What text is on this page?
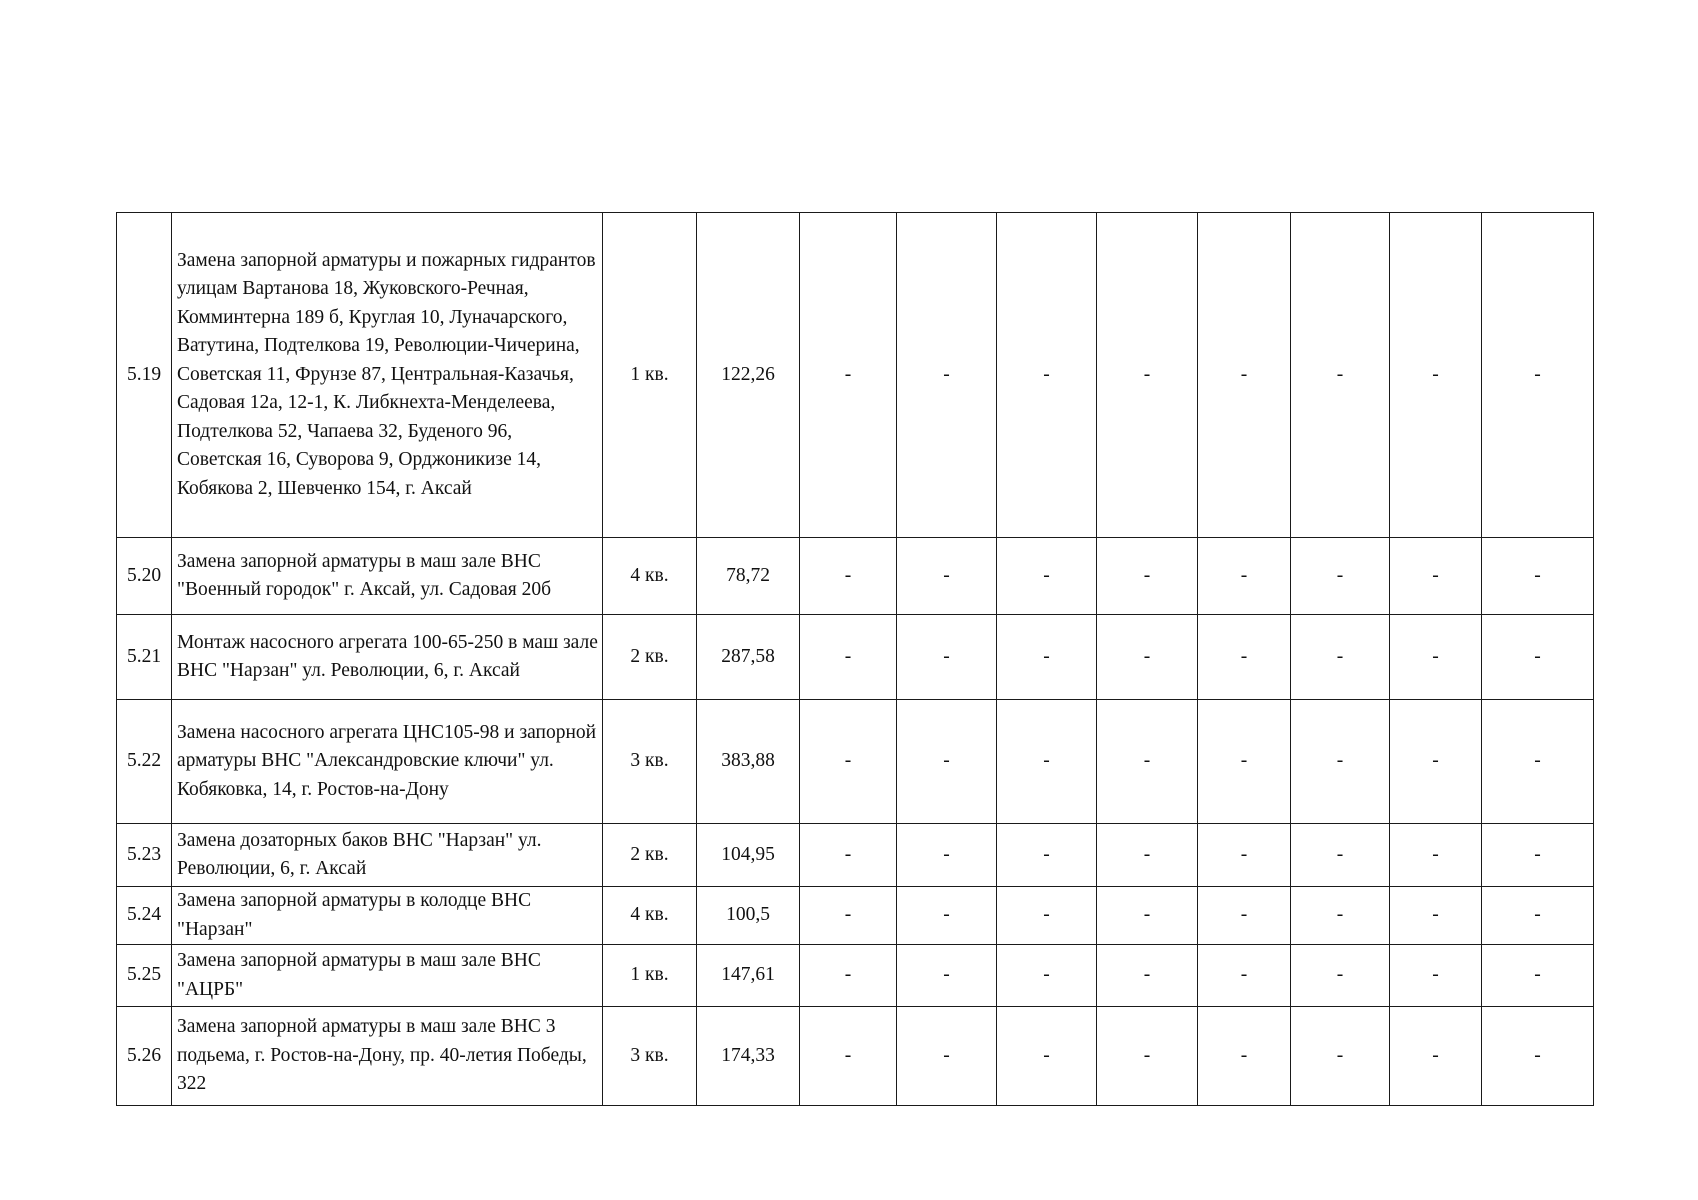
5.19	Замена запорной арматуры и пожарных гидрантов улицам Вартанова 18, Жуковского-Речная, Комминтерна 189 б, Круглая 10, Луначарского, Ватутина, Подтелкова 19, Революции-Чичерина, Советская 11, Фрунзе 87, Центральная-Казачья, Садовая 12а, 12-1, К. Либкнехта-Менделеева, Подтелкова 52, Чапаева 32, Буденого 96, Советская 16, Суворова 9, Орджоникизе 14, Кобякова 2, Шевченко 154, г. Аксай	1 кв.	122,26	-	-	-	-	-	-	-	-
5.20	Замена запорной арматуры в маш зале ВНС "Военный городок" г. Аксай, ул. Садовая 20б	4 кв.	78,72	-	-	-	-	-	-	-	-
5.21	Монтаж насосного агрегата 100-65-250 в маш зале ВНС "Нарзан" ул. Революции, 6, г. Аксай	2 кв.	287,58	-	-	-	-	-	-	-	-
5.22	Замена насосного агрегата ЦНС105-98 и запорной арматуры ВНС "Александровские ключи" ул. Кобяковка, 14, г. Ростов-на-Дону	3 кв.	383,88	-	-	-	-	-	-	-	-
5.23	Замена дозаторных баков ВНС "Нарзан" ул. Революции, 6, г. Аксай	2 кв.	104,95	-	-	-	-	-	-	-	-
5.24	Замена запорной арматуры в колодце ВНС "Нарзан"	4 кв.	100,5	-	-	-	-	-	-	-	-
5.25	Замена запорной арматуры в маш зале ВНС "АЦРБ"	1 кв.	147,61	-	-	-	-	-	-	-	-
5.26	Замена запорной арматуры в маш зале ВНС 3 подьема, г. Ростов-на-Дону, пр. 40-летия Победы, 322	3 кв.	174,33	-	-	-	-	-	-	-	-
